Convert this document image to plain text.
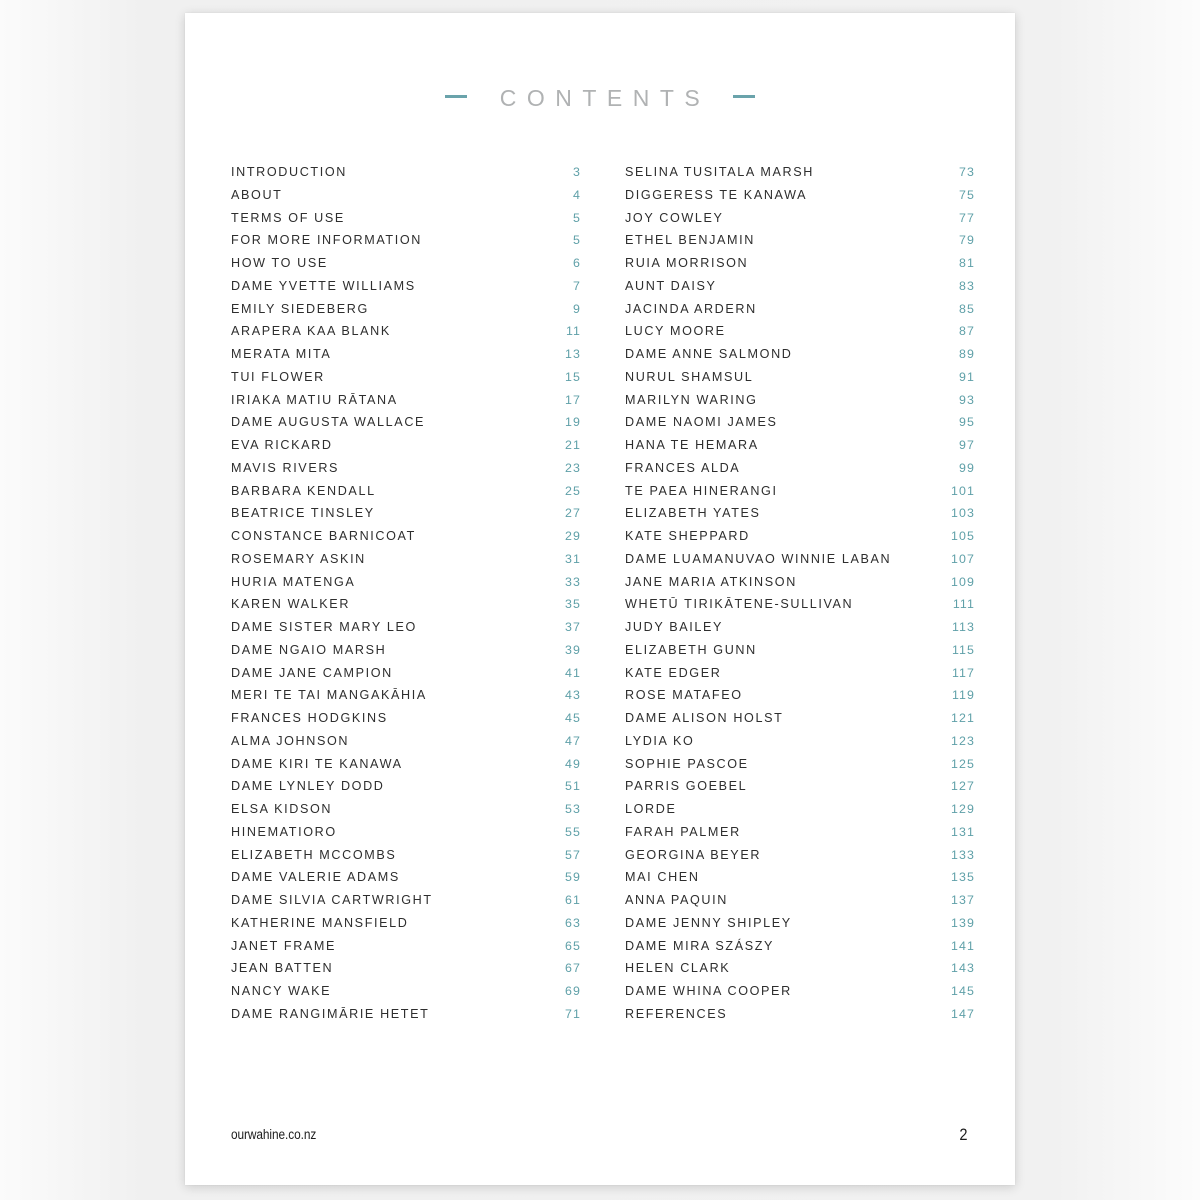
CONTENTS
INTRODUCTION	3
ABOUT	4
TERMS OF USE	5
FOR MORE INFORMATION	5
HOW TO USE	6
DAME YVETTE WILLIAMS	7
EMILY SIEDEBERG	9
ARAPERA KAA BLANK	11
MERATA MITA	13
TUI FLOWER	15
IRIAKA MATIU RĀTANA	17
DAME AUGUSTA WALLACE	19
EVA RICKARD	21
MAVIS RIVERS	23
BARBARA KENDALL	25
BEATRICE TINSLEY	27
CONSTANCE BARNICOAT	29
ROSEMARY ASKIN	31
HURIA MATENGA	33
KAREN WALKER	35
DAME SISTER MARY LEO	37
DAME NGAIO MARSH	39
DAME JANE CAMPION	41
MERI TE TAI MANGAKĀHIA	43
FRANCES HODGKINS	45
ALMA JOHNSON	47
DAME KIRI TE KANAWA	49
DAME LYNLEY DODD	51
ELSA KIDSON	53
HINEMATIORO	55
ELIZABETH MCCOMBS	57
DAME VALERIE ADAMS	59
DAME SILVIA CARTWRIGHT	61
KATHERINE MANSFIELD	63
JANET FRAME	65
JEAN BATTEN	67
NANCY WAKE	69
DAME RANGIMĀRIE HETET	71
SELINA TUSITALA MARSH	73
DIGGERESS TE KANAWA	75
JOY COWLEY	77
ETHEL BENJAMIN	79
RUIA MORRISON	81
AUNT DAISY	83
JACINDA ARDERN	85
LUCY MOORE	87
DAME ANNE SALMOND	89
NURUL SHAMSUL	91
MARILYN WARING	93
DAME NAOMI JAMES	95
HANA TE HEMARA	97
FRANCES ALDA	99
TE PAEA HINERANGI	101
ELIZABETH YATES	103
KATE SHEPPARD	105
DAME LUAMANUVAO WINNIE LABAN	107
JANE MARIA ATKINSON	109
WHETŪ TIRIKĀTENE-SULLIVAN	111
JUDY BAILEY	113
ELIZABETH GUNN	115
KATE EDGER	117
ROSE MATAFEO	119
DAME ALISON HOLST	121
LYDIA KO	123
SOPHIE PASCOE	125
PARRIS GOEBEL	127
LORDE	129
FARAH PALMER	131
GEORGINA BEYER	133
MAI CHEN	135
ANNA PAQUIN	137
DAME JENNY SHIPLEY	139
DAME MIRA SZÁSZY	141
HELEN CLARK	143
DAME WHINA COOPER	145
REFERENCES	147
ourwahine.co.nz	2
